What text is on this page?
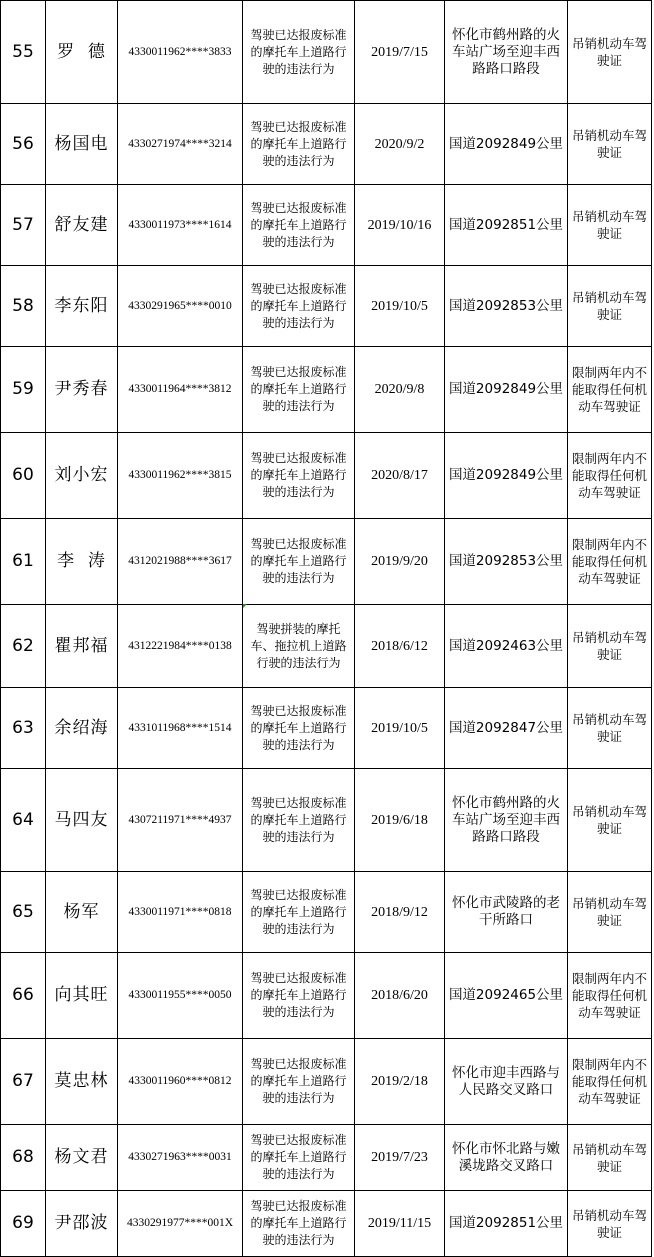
55	罗  德	4330011962****3833	驾驶已达报废标准的摩托车上道路行驶的违法行为	2019/7/15	怀化市鹤州路的火车站广场至迎丰西路路口路段	吊销机动车驾驶证
56	杨国电	4330271974****3214	驾驶已达报废标准的摩托车上道路行驶的违法行为	2020/9/2	国道2092849公里	吊销机动车驾驶证
57	舒友建	4330011973****1614	驾驶已达报废标准的摩托车上道路行驶的违法行为	2019/10/16	国道2092851公里	吊销机动车驾驶证
58	李东阳	4330291965****0010	驾驶已达报废标准的摩托车上道路行驶的违法行为	2019/10/5	国道2092853公里	吊销机动车驾驶证
59	尹秀春	4330011964****3812	驾驶已达报废标准的摩托车上道路行驶的违法行为	2020/9/8	国道2092849公里	限制两年内不能取得任何机动车驾驶证
60	刘小宏	4330011962****3815	驾驶已达报废标准的摩托车上道路行驶的违法行为	2020/8/17	国道2092849公里	限制两年内不能取得任何机动车驾驶证
61	李  涛	4312021988****3617	驾驶已达报废标准的摩托车上道路行驶的违法行为	2019/9/20	国道2092853公里	限制两年内不能取得任何机动车驾驶证
62	瞿邦福	4312221984****0138	驾驶拼装的摩托车、拖拉机上道路行驶的违法行为	2018/6/12	国道2092463公里	吊销机动车驾驶证
63	余绍海	4331011968****1514	驾驶已达报废标准的摩托车上道路行驶的违法行为	2019/10/5	国道2092847公里	吊销机动车驾驶证
64	马四友	4307211971****4937	驾驶已达报废标准的摩托车上道路行驶的违法行为	2019/6/18	怀化市鹤州路的火车站广场至迎丰西路路口路段	吊销机动车驾驶证
65	杨军	4330011971****0818	驾驶已达报废标准的摩托车上道路行驶的违法行为	2018/9/12	怀化市武陵路的老干所路口	吊销机动车驾驶证
66	向其旺	4330011955****0050	驾驶已达报废标准的摩托车上道路行驶的违法行为	2018/6/20	国道2092465公里	限制两年内不能取得任何机动车驾驶证
67	莫忠林	4330011960****0812	驾驶已达报废标准的摩托车上道路行驶的违法行为	2019/2/18	怀化市迎丰西路与人民路交叉路口	限制两年内不能取得任何机动车驾驶证
68	杨文君	4330271963****0031	驾驶已达报废标准的摩托车上道路行驶的违法行为	2019/7/23	怀化市怀北路与嫩溪垅路交叉路口	吊销机动车驾驶证
69	尹邵波	4330291977****001X	驾驶已达报废标准的摩托车上道路行驶的违法行为	2019/11/15	国道2092851公里	吊销机动车驾驶证
